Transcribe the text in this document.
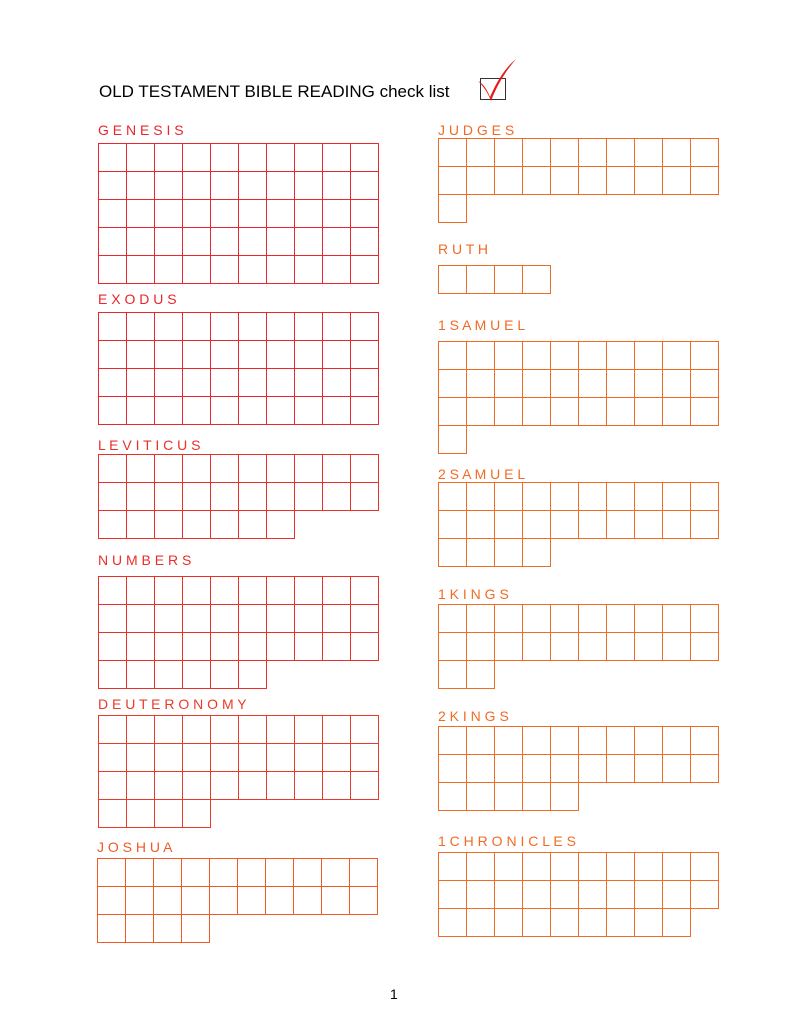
OLD TESTAMENT BIBLE READING check list
G E N E S I S
E X O D U S
L E V I T I C U S
N U M B E R S
D E U T E R O N O M Y
J O S H U A
J U D G E S
R U T H
1 S A M U E L
2 S A M U E L
1 K I N G S
2 K I N G S
1 C H R O N I C L E S
1
